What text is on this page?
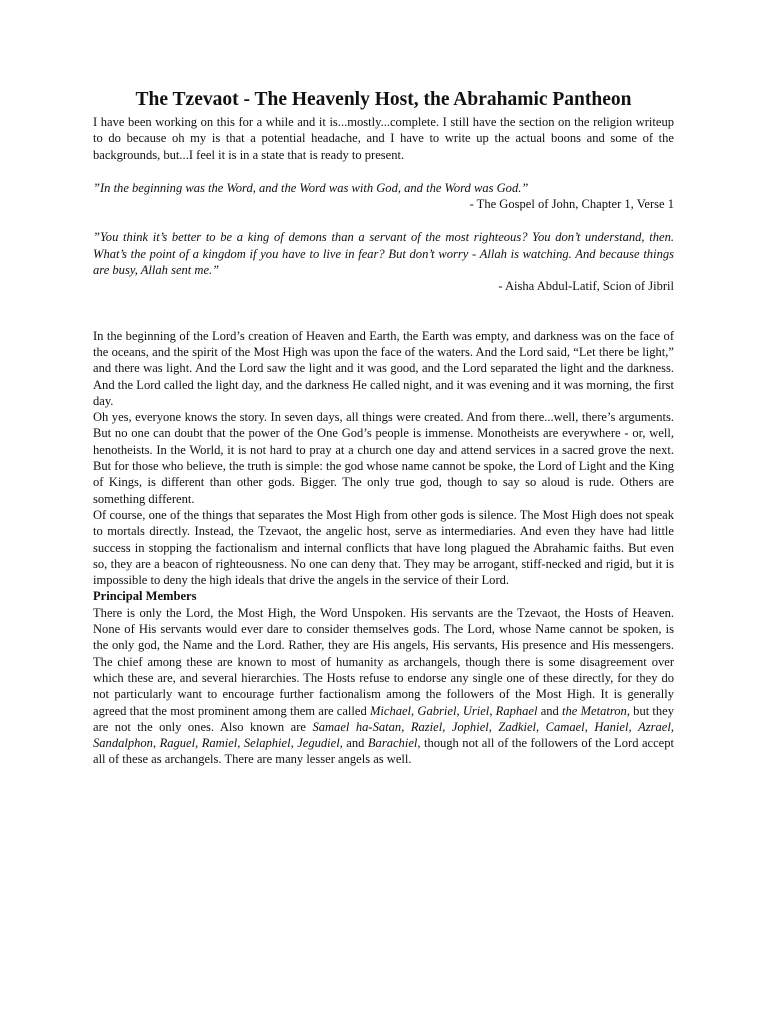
The Tzevaot - The Heavenly Host, the Abrahamic Pantheon

I have been working on this for a while and it is...mostly...complete. I still have the section on the religion writeup to do because oh my is that a potential headache, and I have to write up the actual boons and some of the backgrounds, but...I feel it is in a state that is ready to present.

”In the beginning was the Word, and the Word was with God, and the Word was God.”

- The Gospel of John, Chapter 1, Verse 1

”You think it’s better to be a king of demons than a servant of the most righteous? You don’t understand, then. What’s the point of a kingdom if you have to live in fear? But don’t worry - Allah is watching. And because things are busy, Allah sent me.”

- Aisha Abdul-Latif, Scion of Jibril

In the beginning of the Lord’s creation of Heaven and Earth, the Earth was empty, and darkness was on the face of the oceans, and the spirit of the Most High was upon the face of the waters. And the Lord said, “Let there be light,” and there was light. And the Lord saw the light and it was good, and the Lord separated the light and the darkness. And the Lord called the light day, and the darkness He called night, and it was evening and it was morning, the first day.

Oh yes, everyone knows the story. In seven days, all things were created. And from there...well, there’s arguments. But no one can doubt that the power of the One God’s people is immense. Monotheists are everywhere - or, well, henotheists. In the World, it is not hard to pray at a church one day and attend services in a sacred grove the next. But for those who believe, the truth is simple: the god whose name cannot be spoke, the Lord of Light and the King of Kings, is different than other gods. Bigger. The only true god, though to say so aloud is rude. Others are something different.

Of course, one of the things that separates the Most High from other gods is silence. The Most High does not speak to mortals directly. Instead, the Tzevaot, the angelic host, serve as intermediaries. And even they have had little success in stopping the factionalism and internal conflicts that have long plagued the Abrahamic faiths. But even so, they are a beacon of righteousness. No one can deny that. They may be arrogant, stiff-necked and rigid, but it is impossible to deny the high ideals that drive the angels in the service of their Lord.

Principal Members

There is only the Lord, the Most High, the Word Unspoken. His servants are the Tzevaot, the Hosts of Heaven. None of His servants would ever dare to consider themselves gods. The Lord, whose Name cannot be spoken, is the only god, the Name and the Lord. Rather, they are His angels, His servants, His presence and His messengers. The chief among these are known to most of humanity as archangels, though there is some disagreement over which these are, and several hierarchies. The Hosts refuse to endorse any single one of these directly, for they do not particularly want to encourage further factionalism among the followers of the Most High. It is generally agreed that the most prominent among them are called Michael, Gabriel, Uriel, Raphael and the Metatron, but they are not the only ones. Also known are Samael ha-Satan, Raziel, Jophiel, Zadkiel, Camael, Haniel, Azrael, Sandalphon, Raguel, Ramiel, Selaphiel, Jegudiel, and Barachiel, though not all of the followers of the Lord accept all of these as archangels. There are many lesser angels as well.
